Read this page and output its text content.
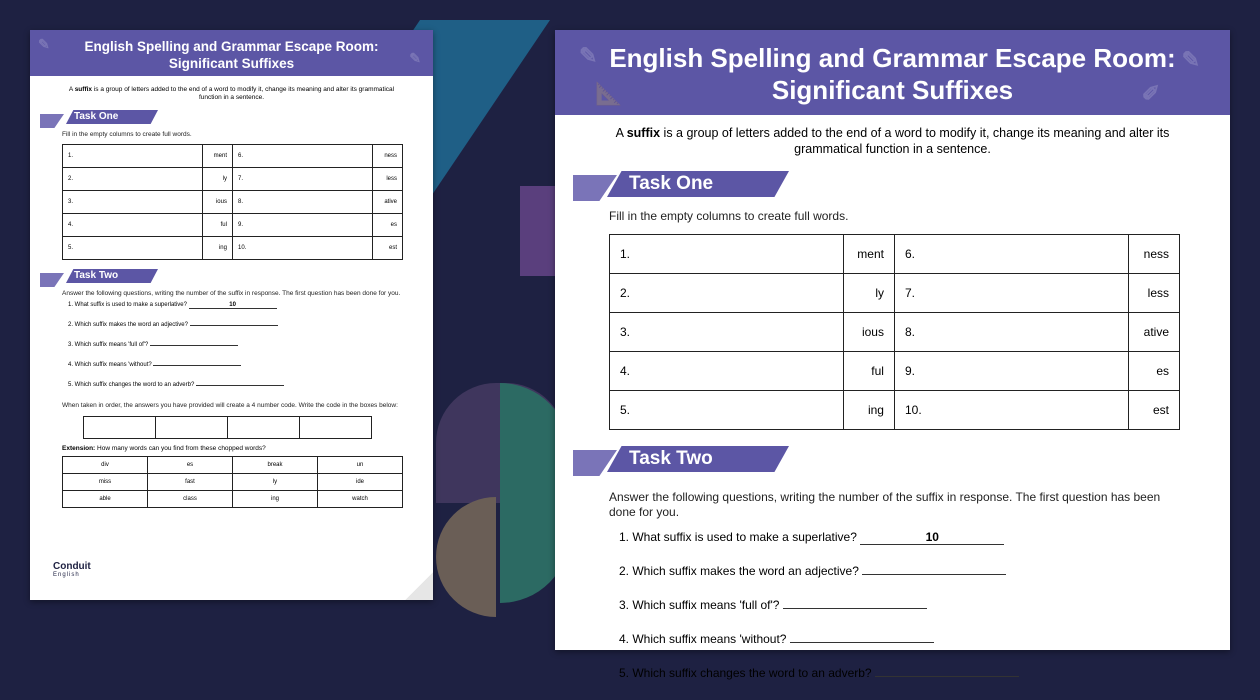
✎
✎
English Spelling and Grammar Escape Room:
Significant Suffixes

A suffix is a group of letters added to the end of a word to modify it, change its meaning and alter its grammatical function in a sentence.

Task One

Fill in the empty columns to create full words.

1.	ment	6.	ness
2.	ly	7.	less
3.	ious	8.	ative
4.	ful	9.	es
5.	ing	10.	est
Task Two

Answer the following questions, writing the number of the suffix in response. The first question has been done for you.

1. What suffix is used to make a superlative?	10
2. Which suffix makes the word an adjective?
3. Which suffix means 'full of'?
4. Which suffix means 'without?
5. Which suffix changes the word to an adverb?

When taken in order, the answers you have provided will create a 4 number code. Write the code in the boxes below:

Extension: How many words can you find from these chopped words?

div	es	break	un
miss	fast	ly	ide
able	class	ing	watch
Conduit
English
✎
📐
✎
✐
English Spelling and Grammar Escape Room:
Significant Suffixes

A suffix is a group of letters added to the end of a word to modify it, change its meaning and alter its grammatical function in a sentence.

Task One

Fill in the empty columns to create full words.

1.	ment	6.	ness
2.	ly	7.	less
3.	ious	8.	ative
4.	ful	9.	es
5.	ing	10.	est
Task Two

Answer the following questions, writing the number of the suffix in response. The first question has been done for you.

1. What suffix is used to make a superlative?	10
2. Which suffix makes the word an adjective?
3. Which suffix means 'full of'?
4. Which suffix means 'without?
5. Which suffix changes the word to an adverb?
